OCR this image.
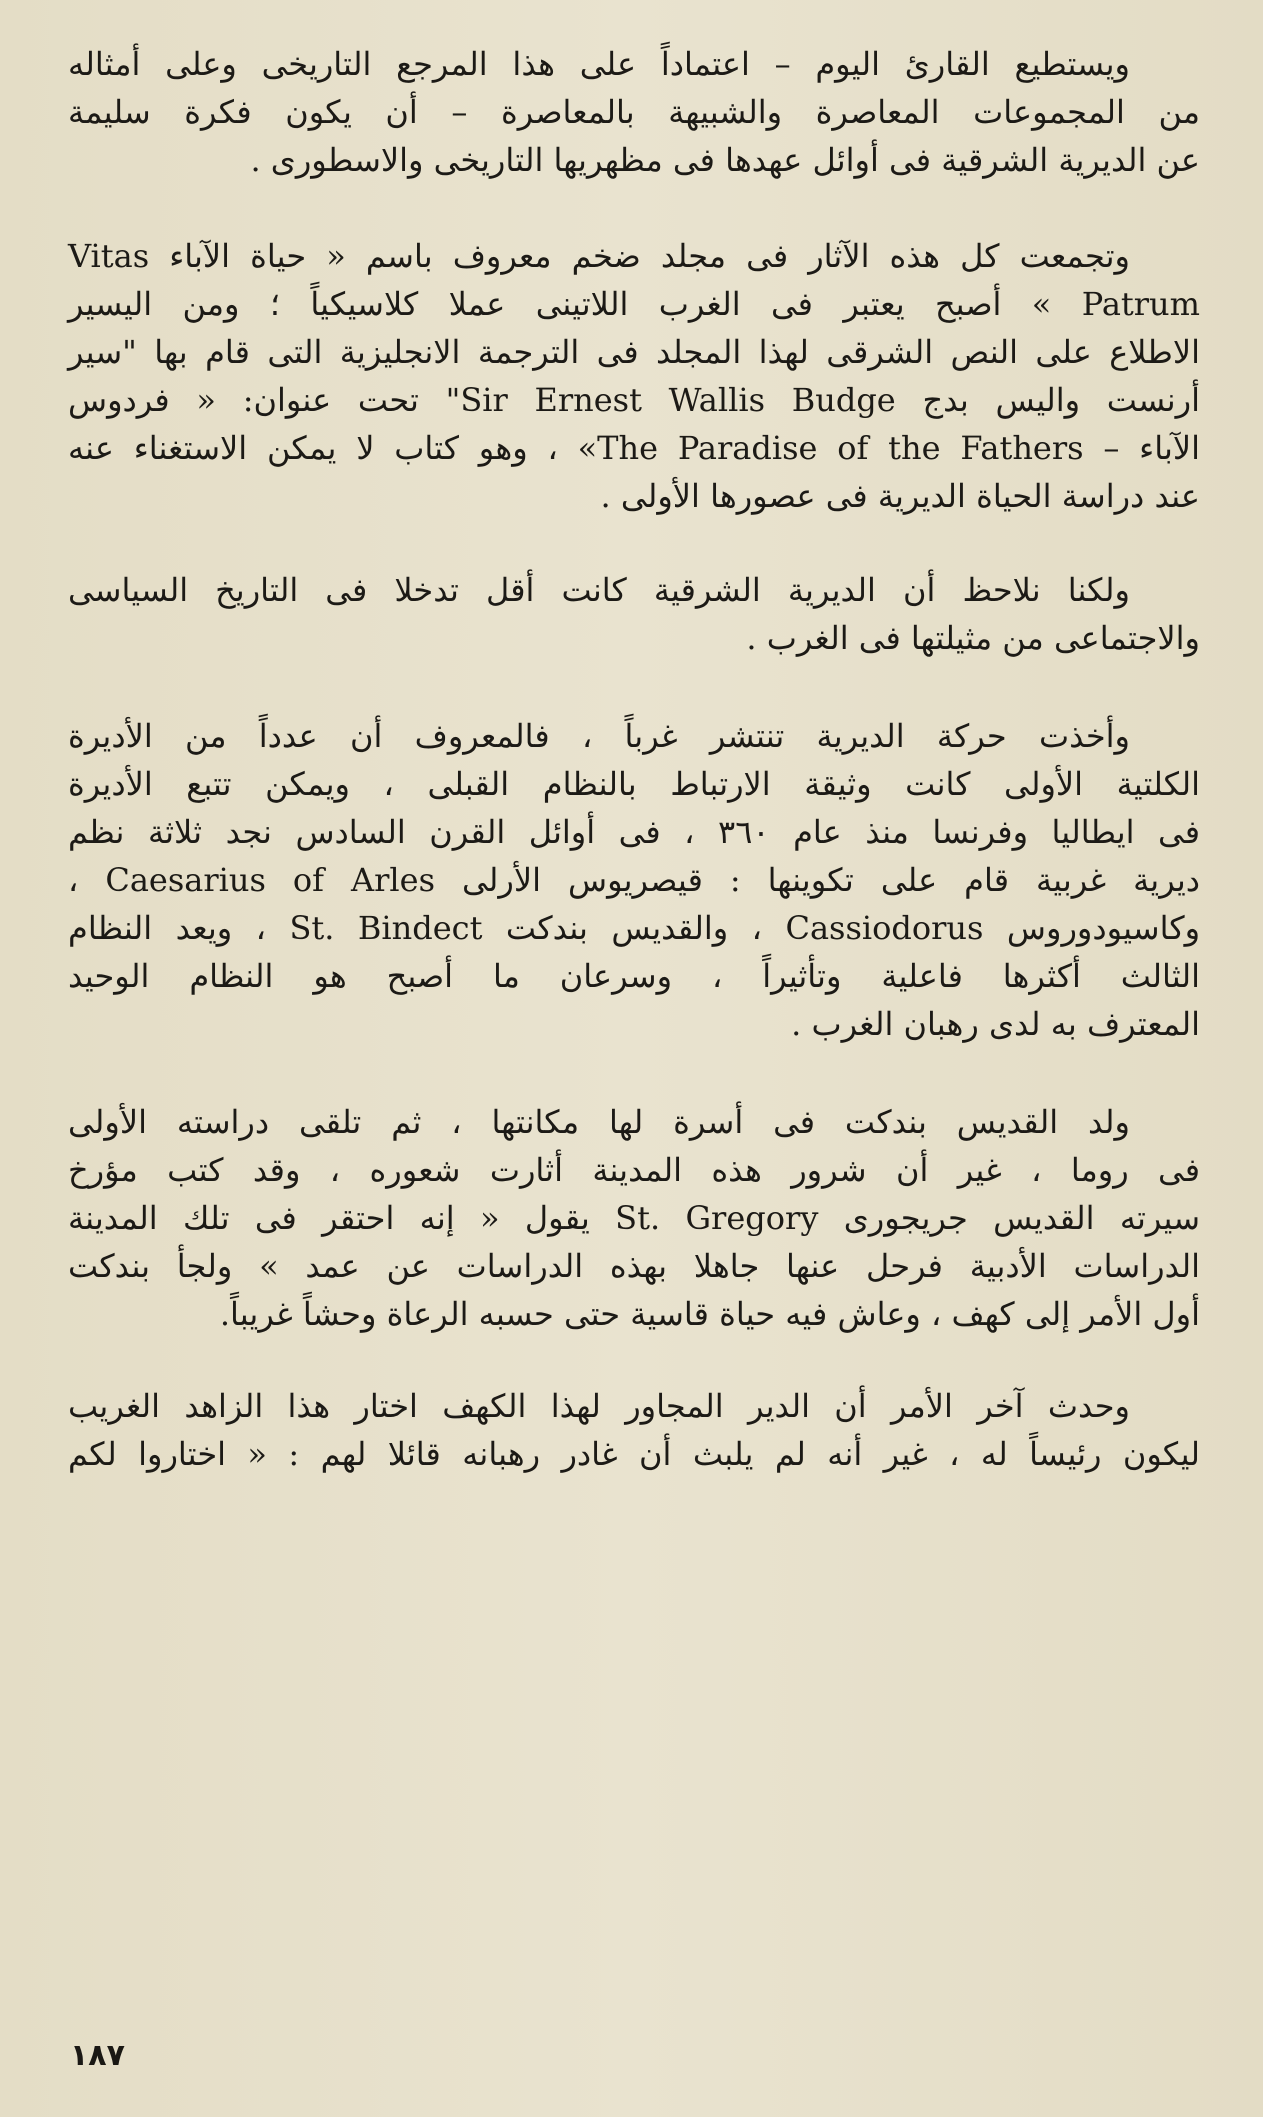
ويستطيع القارئ اليوم – اعتماداً على هذا المرجع التاريخى وعلى أمثاله
من المجموعات المعاصرة والشبيهة بالمعاصرة – أن يكون فكرة سليمة
عن الديرية الشرقية فى أوائل عهدها فى مظهريها التاريخى والاسطورى .
وتجمعت كل هذه الآثار فى مجلد ضخم معروف باسم « حياة الآباء Vitas
Patrum » أصبح يعتبر فى الغرب اللاتينى عملا كلاسيكياً ؛ ومن اليسير
الاطلاع على النص الشرقى لهذا المجلد فى الترجمة الانجليزية التى قام بها "سير
أرنست واليس بدج Sir Ernest Wallis Budge" تحت عنوان: « فردوس
الآباء – The Paradise of the Fathers» ، وهو كتاب لا يمكن الاستغناء عنه
عند دراسة الحياة الديرية فى عصورها الأولى .
ولكنا نلاحظ أن الديرية الشرقية كانت أقل تدخلا فى التاريخ السياسى
والاجتماعى من مثيلتها فى الغرب .
وأخذت حركة الديرية تنتشر غرباً ، فالمعروف أن عدداً من الأديرة
الكلتية الأولى كانت وثيقة الارتباط بالنظام القبلى ، ويمكن تتبع الأديرة
فى ايطاليا وفرنسا منذ عام ٣٦٠ ، فى أوائل القرن السادس نجد ثلاثة نظم
ديرية غربية قام على تكوينها : قيصريوس الأرلى Caesarius of Arles ،
وكاسيودوروس Cassiodorus ، والقديس بندكت St. Bindect ، ويعد النظام
الثالث أكثرها فاعلية وتأثيراً ، وسرعان ما أصبح هو النظام الوحيد
المعترف به لدى رهبان الغرب .
ولد القديس بندكت فى أسرة لها مكانتها ، ثم تلقى دراسته الأولى
فى روما ، غير أن شرور هذه المدينة أثارت شعوره ، وقد كتب مؤرخ
سيرته القديس جريجورى St. Gregory يقول « إنه احتقر فى تلك المدينة
الدراسات الأدبية فرحل عنها جاهلا بهذه الدراسات عن عمد » ولجأ بندكت
أول الأمر إلى كهف ، وعاش فيه حياة قاسية حتى حسبه الرعاة وحشاً غريباً.
وحدث آخر الأمر أن الدير المجاور لهذا الكهف اختار هذا الزاهد الغريب
ليكون رئيساً له ، غير أنه لم يلبث أن غادر رهبانه قائلا لهم : « اختاروا لكم
١٨٧
